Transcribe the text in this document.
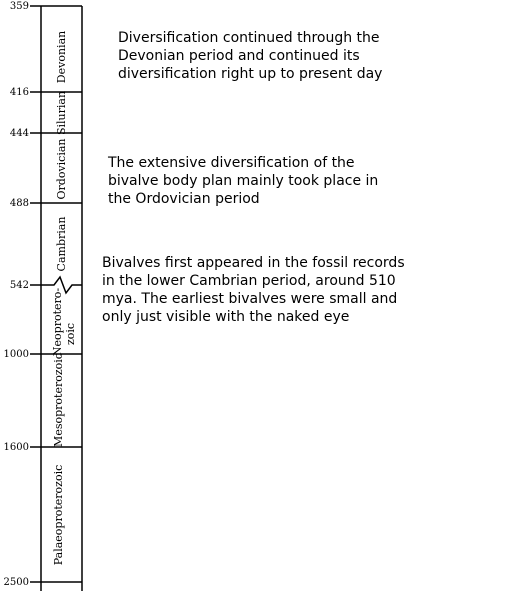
359
416
444
488
542
1000
1600
2500
Devonian
Silurian
Ordovician
Cambrian
Neoprotero- zoic
Mesoproterozoic
Palaeoproterozoic

Diversification continued through the
Devonian period and continued its
diversification right up to present day

The extensive diversification of the
bivalve body plan mainly took place in
the Ordovician period

Bivalves first appeared in the fossil records
in the lower Cambrian period, around 510
mya. The earliest bivalves were small and
only just visible with the naked eye
